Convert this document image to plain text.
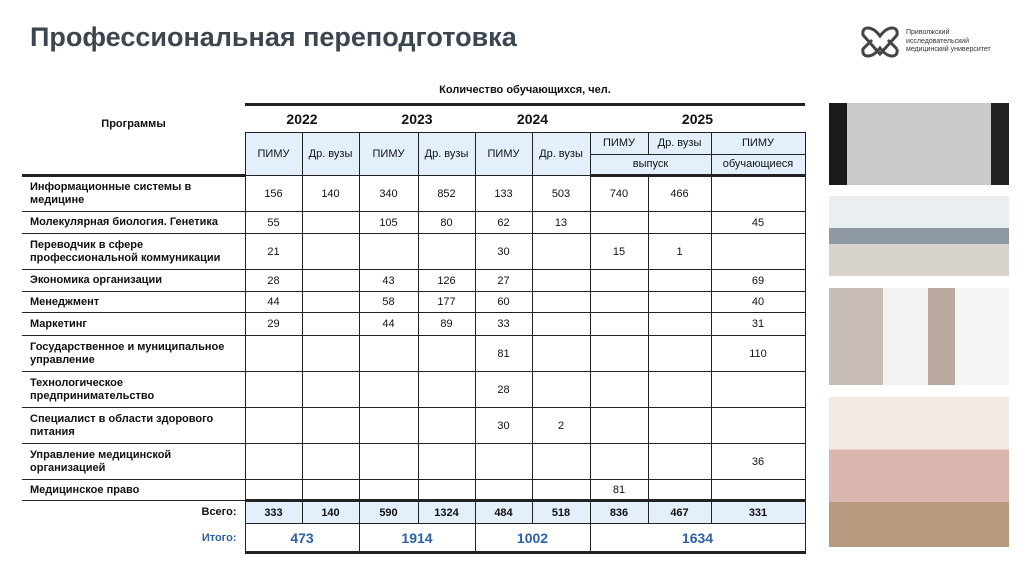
Профессиональная переподготовка	Приволжский
исследовательский
медицинский университет
Количество обучающихся, чел.
Программы
		2022		2023		2024		2025		
	ПИМУ	Др. вузы	ПИМУ	Др. вузы	ПИМУ	Др. вузы	ПИМУ	Др. вузы	ПИМУ
							выпуск		обучающиеся
Информационные системы в медицине	156	140	340	852	133	503	740	466	
Молекулярная биология. Генетика	55		105	80	62	13			45
Переводчик в сфере профессиональной коммуникации	21				30		15	1	
Экономика организации	28		43	126	27				69
Менеджмент	44		58	177	60				40
Маркетинг	29		44	89	33				31
Государственное и муниципальное управление					81				110
Технологическое предпринимательство					28				
Специалист в области здорового питания					30	2			
Управление медицинской организацией									36
Медицинское право							81		
Всего:	333	140	590	1324	484	518	836	467	331
Итого:	473		1914		1002		1634		
